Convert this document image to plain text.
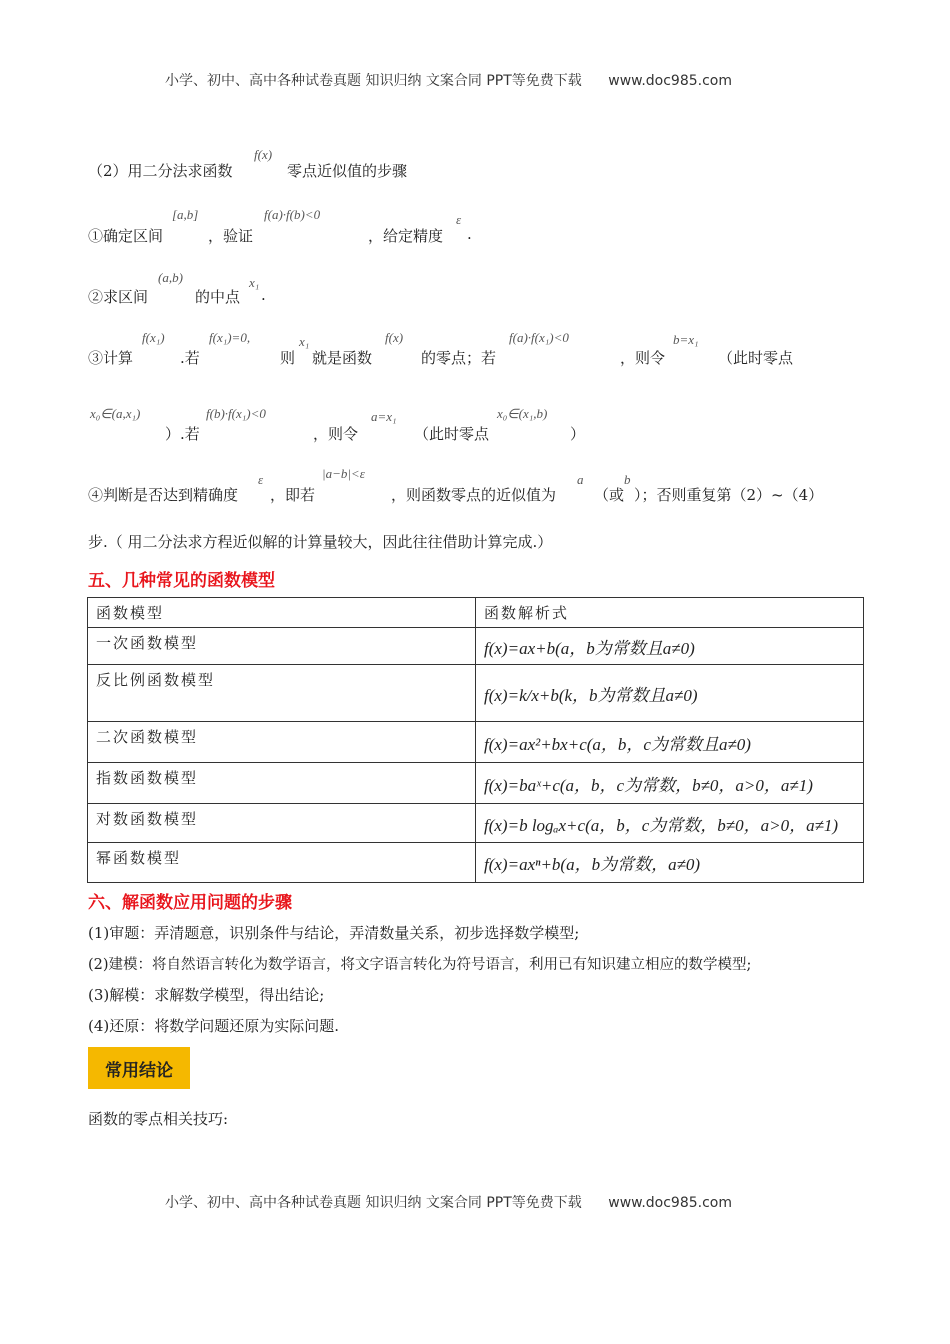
小学、初中、高中各种试卷真题 知识归纳 文案合同 PPT等免费下载 www.doc985.com
（2）用二分法求函数
f(x)
零点近似值的步骤
①确定区间
[a,b]
，验证
f(a)·f(b)<0
，给定精度
ε
.
②求区间
(a,b)
的中点
x₁
.
③计算
f(x₁)
.若
f(x₁)=0,
则
x₁
就是函数
f(x)
的零点；若
f(a)·f(x₁)<0
，则令
b=x₁
（此时零点
x₀∈(a,x₁)
）.若
f(b)·f(x₁)<0
，则令
a=x₁
（此时零点
x₀∈(x₁,b)
）
④判断是否达到精确度
ε
，即若
|a−b|<ε
，则函数零点的近似值为
a
（或
b
）；否则重复第（2）~（4）
步.（ 用二分法求方程近似解的计算量较大，因此往往借助计算完成.）
五、几种常见的函数模型
函数模型	函数解析式
一次函数模型	f(x)=ax+b(a，b为常数且a≠0)
反比例函数模型	f(x)=k/x+b(k，b为常数且a≠0)
二次函数模型	f(x)=ax²+bx+c(a，b，c为常数且a≠0)
指数函数模型	f(x)=baˣ+c(a，b，c为常数，b≠0，a>0，a≠1)
对数函数模型	f(x)=b logₐx+c(a，b，c为常数，b≠0，a>0，a≠1)
幂函数模型	f(x)=axⁿ+b(a，b为常数，a≠0)
六、解函数应用问题的步骤
(1)审题：弄清题意，识别条件与结论，弄清数量关系，初步选择数学模型;
(2)建模：将自然语言转化为数学语言，将文字语言转化为符号语言，利用已有知识建立相应的数学模型;
(3)解模：求解数学模型，得出结论;
(4)还原：将数学问题还原为实际问题.
常用结论
函数的零点相关技巧:
小学、初中、高中各种试卷真题 知识归纳 文案合同 PPT等免费下载 www.doc985.com
